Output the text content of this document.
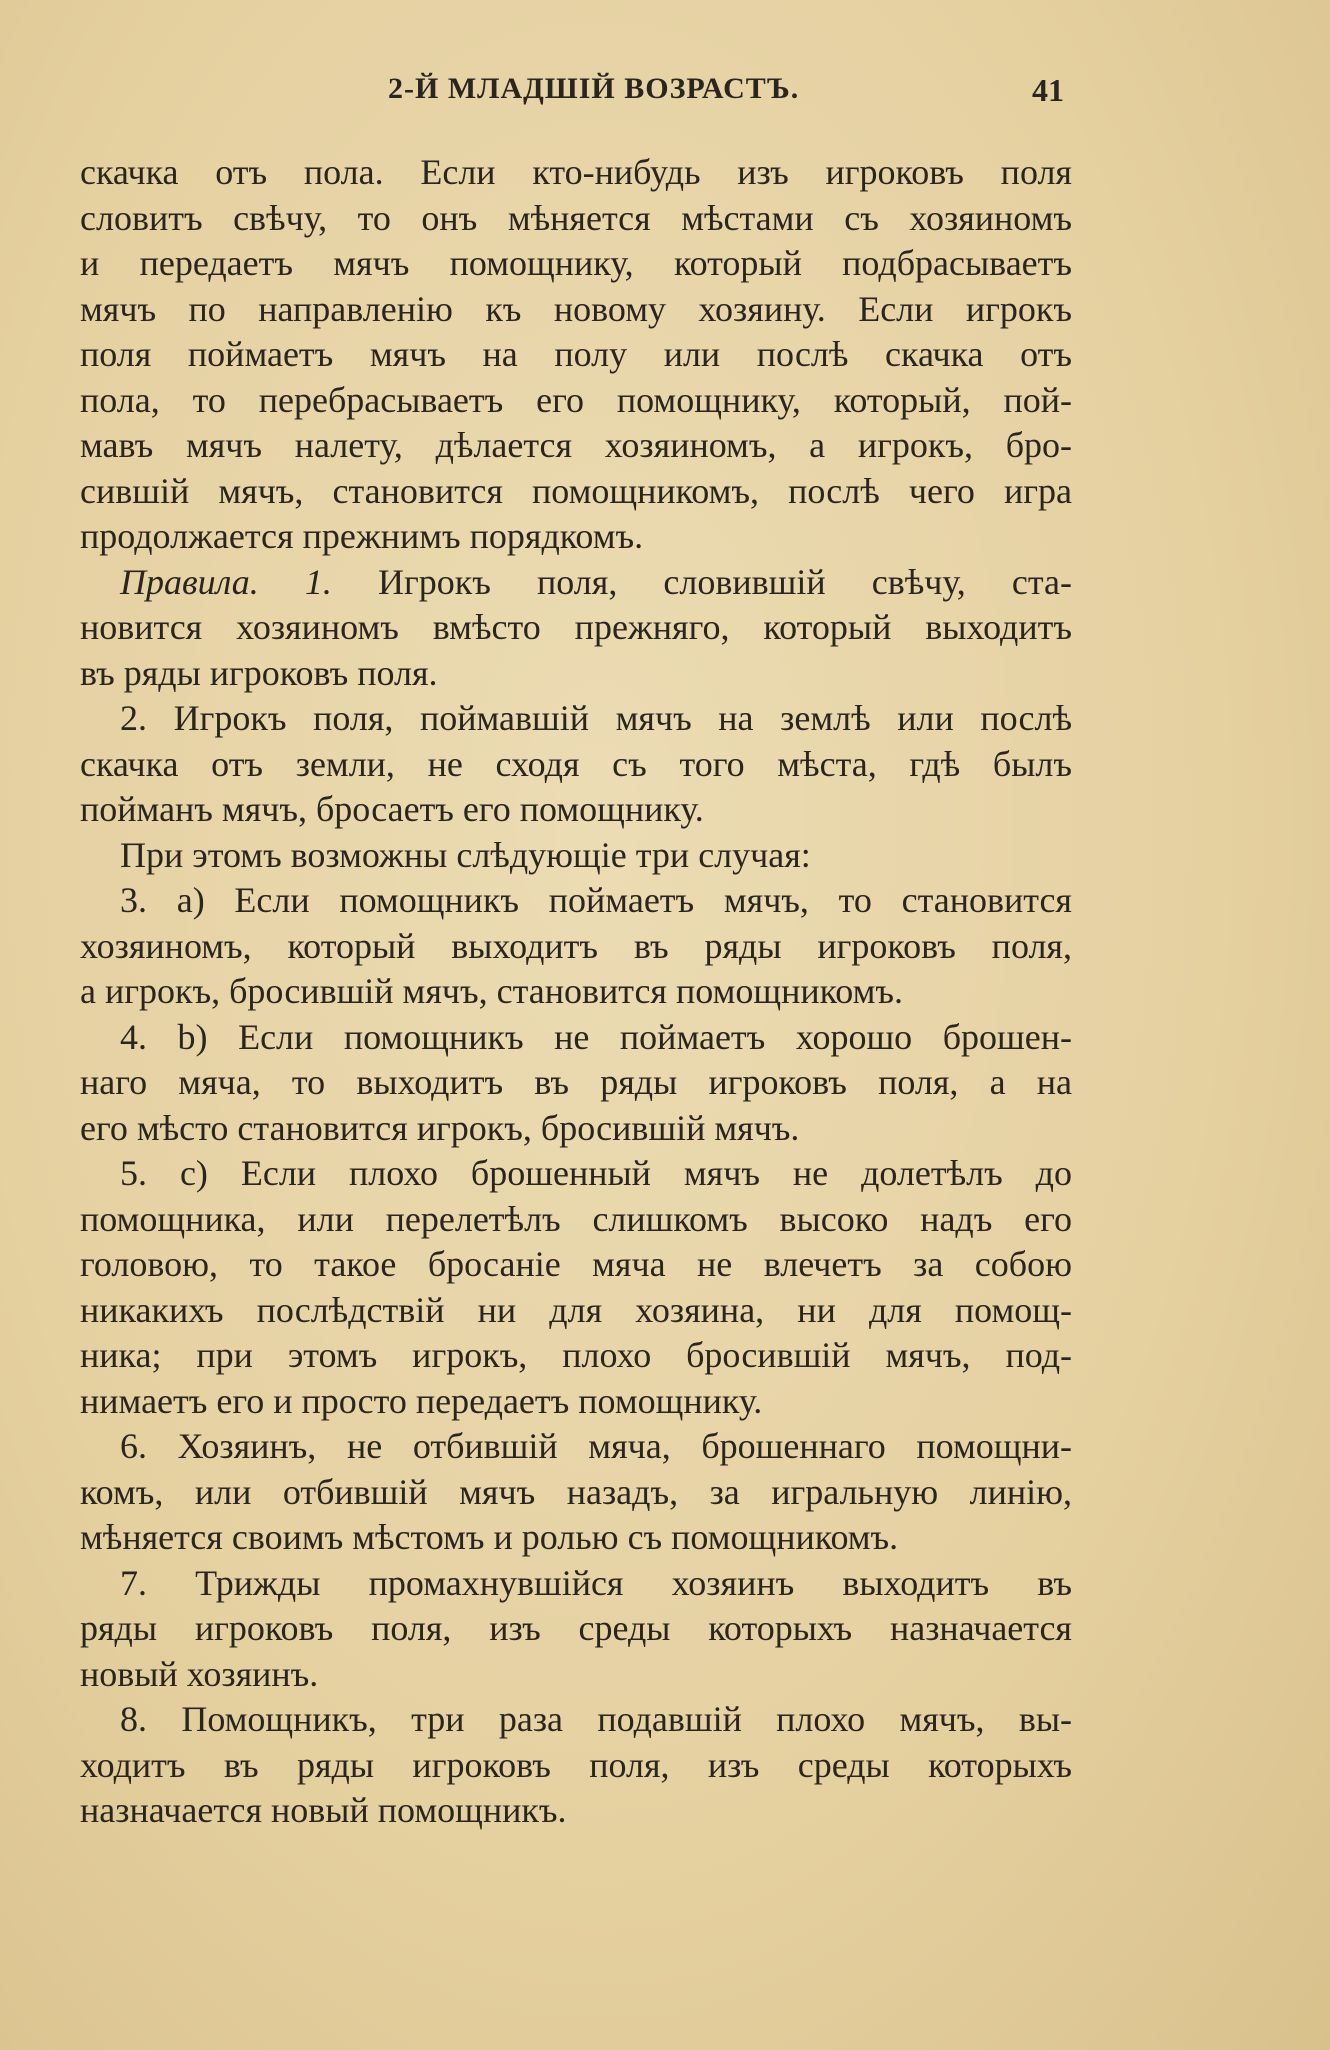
2-Й МЛАДШІЙ ВОЗРАСТЪ.	41
скачка отъ пола. Если кто-нибудь изъ игроковъ поля
словитъ свѣчу, то онъ мѣняется мѣстами съ хозяиномъ
и передаетъ мячъ помощнику, который подбрасываетъ
мячъ по направленію къ новому хозяину. Если игрокъ
поля поймаетъ мячъ на полу или послѣ скачка отъ
пола, то перебрасываетъ его помощнику, который, пой-
мавъ мячъ налету, дѣлается хозяиномъ, а игрокъ, бро-
сившій мячъ, становится помощникомъ, послѣ чего игра
продолжается прежнимъ порядкомъ.
Правила. 1. Игрокъ поля, словившій свѣчу, ста-
новится хозяиномъ вмѣсто прежняго, который выходитъ
въ ряды игроковъ поля.
2. Игрокъ поля, поймавшій мячъ на землѣ или послѣ
скачка отъ земли, не сходя съ того мѣста, гдѣ былъ
пойманъ мячъ, бросаетъ его помощнику.
При этомъ возможны слѣдующіе три случая:
3. a) Если помощникъ поймаетъ мячъ, то становится
хозяиномъ, который выходитъ въ ряды игроковъ поля,
а игрокъ, бросившій мячъ, становится помощникомъ.
4. b) Если помощникъ не поймаетъ хорошо брошен-
наго мяча, то выходитъ въ ряды игроковъ поля, а на
его мѣсто становится игрокъ, бросившій мячъ.
5. c) Если плохо брошенный мячъ не долетѣлъ до
помощника, или перелетѣлъ слишкомъ высоко надъ его
головою, то такое бросаніе мяча не влечетъ за собою
никакихъ послѣдствій ни для хозяина, ни для помощ-
ника; при этомъ игрокъ, плохо бросившій мячъ, под-
нимаетъ его и просто передаетъ помощнику.
6. Хозяинъ, не отбившій мяча, брошеннаго помощни-
комъ, или отбившій мячъ назадъ, за игральную линію,
мѣняется своимъ мѣстомъ и ролью съ помощникомъ.
7. Трижды промахнувшійся хозяинъ выходитъ въ
ряды игроковъ поля, изъ среды которыхъ назначается
новый хозяинъ.
8. Помощникъ, три раза подавшій плохо мячъ, вы-
ходитъ въ ряды игроковъ поля, изъ среды которыхъ
назначается новый помощникъ.
